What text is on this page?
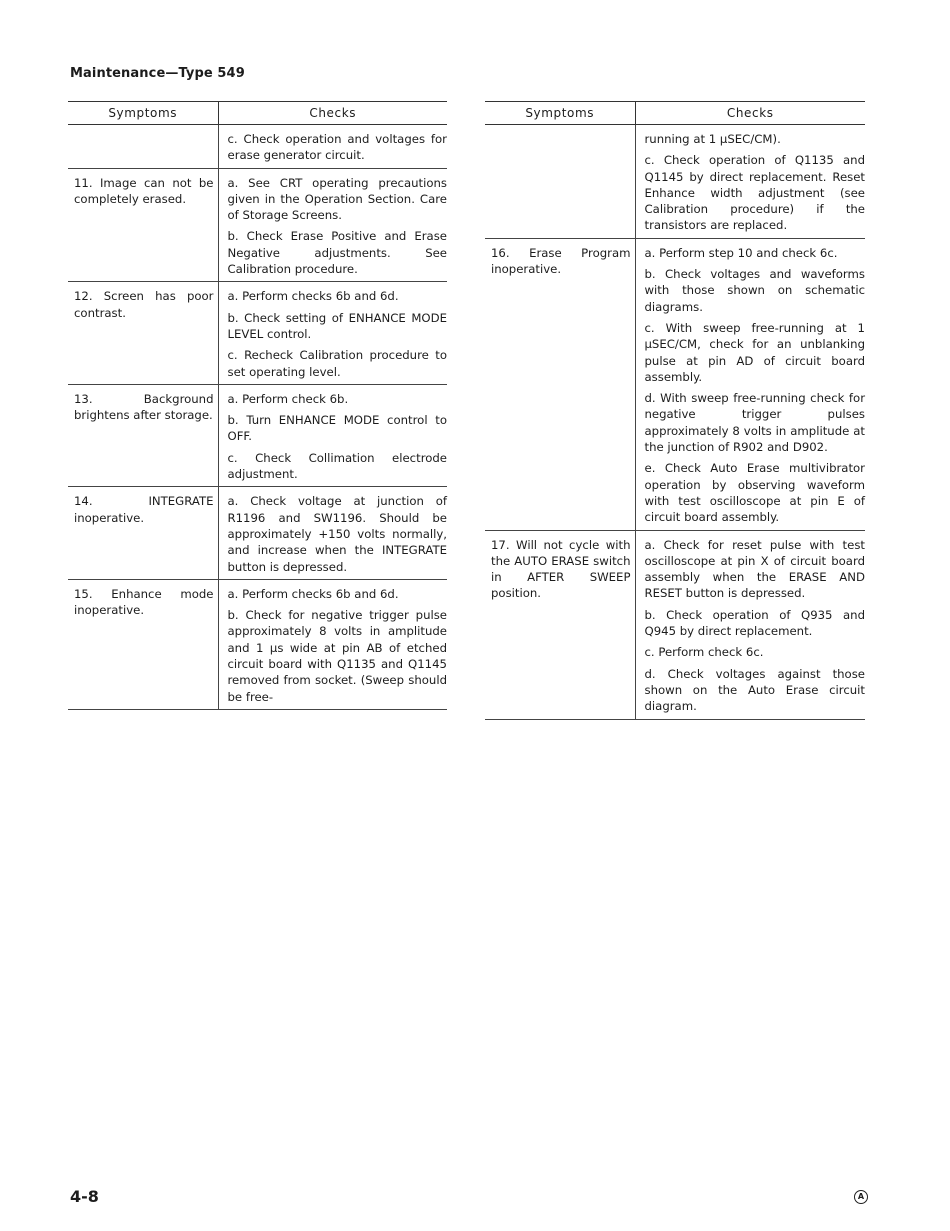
Maintenance—Type 549
Symptoms	Checks

	c. Check operation and voltages for erase generator circuit.

11. Image can not be completely erased.	a. See CRT operating precautions given in the Operation Section. Care of Storage Screens.
b. Check Erase Positive and Erase Negative adjustments. See Calibration procedure.

12. Screen has poor contrast.	a. Perform checks 6b and 6d.
b. Check setting of ENHANCE MODE LEVEL control.
c. Recheck Calibration procedure to set operating level.

13. Background brightens after storage.	a. Perform check 6b.
b. Turn ENHANCE MODE control to OFF.
c. Check Collimation electrode adjustment.

14. INTEGRATE inoperative.	a. Check voltage at junction of R1196 and SW1196. Should be approximately +150 volts normally, and increase when the INTEGRATE button is depressed.

15. Enhance mode inoperative.	a. Perform checks 6b and 6d.
b. Check for negative trigger pulse approximately 8 volts in amplitude and 1 μs wide at pin AB of etched circuit board with Q1135 and Q1145 removed from socket. (Sweep should be free-
Symptoms	Checks

	running at 1 μSEC/CM).
c. Check operation of Q1135 and Q1145 by direct replacement. Reset Enhance width adjustment (see Calibration procedure) if the transistors are replaced.

16. Erase Program inoperative.	a. Perform step 10 and check 6c.
b. Check voltages and waveforms with those shown on schematic diagrams.
c. With sweep free-running at 1 μSEC/CM, check for an unblanking pulse at pin AD of circuit board assembly.
d. With sweep free-running check for negative trigger pulses approximately 8 volts in amplitude at the junction of R902 and D902.
e. Check Auto Erase multivibrator operation by observing waveform with test oscilloscope at pin E of circuit board assembly.

17. Will not cycle with the AUTO ERASE switch in AFTER SWEEP position.	a. Check for reset pulse with test oscilloscope at pin X of circuit board assembly when the ERASE AND RESET button is depressed.
b. Check operation of Q935 and Q945 by direct replacement.
c. Perform check 6c.
d. Check voltages against those shown on the Auto Erase circuit diagram.
4-8	A
